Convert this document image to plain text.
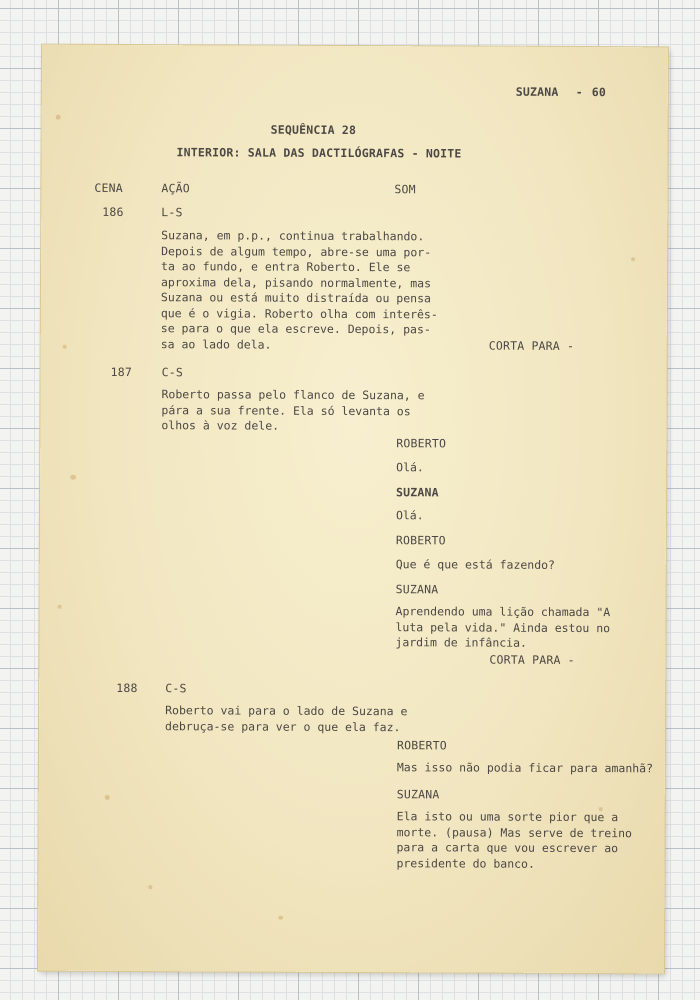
SUZANA - 60
SEQUÊNCIA 28
INTERIOR: SALA DAS DACTILÓGRAFAS - NOITE
CENA	AÇÃO	SOM
186	L-S
Suzana, em p.p., continua trabalhando.
Depois de algum tempo, abre-se uma por-
ta ao fundo, e entra Roberto. Ele se
aproxima dela, pisando normalmente, mas
Suzana ou está muito distraída ou pensa
que é o vigia. Roberto olha com interês-
se para o que ela escreve. Depois, pas-
sa ao lado dela.	CORTA PARA -
187	C-S
Roberto passa pelo flanco de Suzana, e
pára a sua frente. Ela só levanta os
olhos à voz dele.
ROBERTO
Olá.
SUZANA
Olá.
ROBERTO
Que é que está fazendo?
SUZANA
Aprendendo uma lição chamada "A
luta pela vida." Ainda estou no
jardim de infância.
CORTA PARA -
188 C-S
Roberto vai para o lado de Suzana e
debruça-se para ver o que ela faz.
ROBERTO
Mas isso não podia ficar para amanhã?
SUZANA
Ela isto ou uma sorte pior que a
morte. (pausa) Mas serve de treino
para a carta que vou escrever ao
presidente do banco.
